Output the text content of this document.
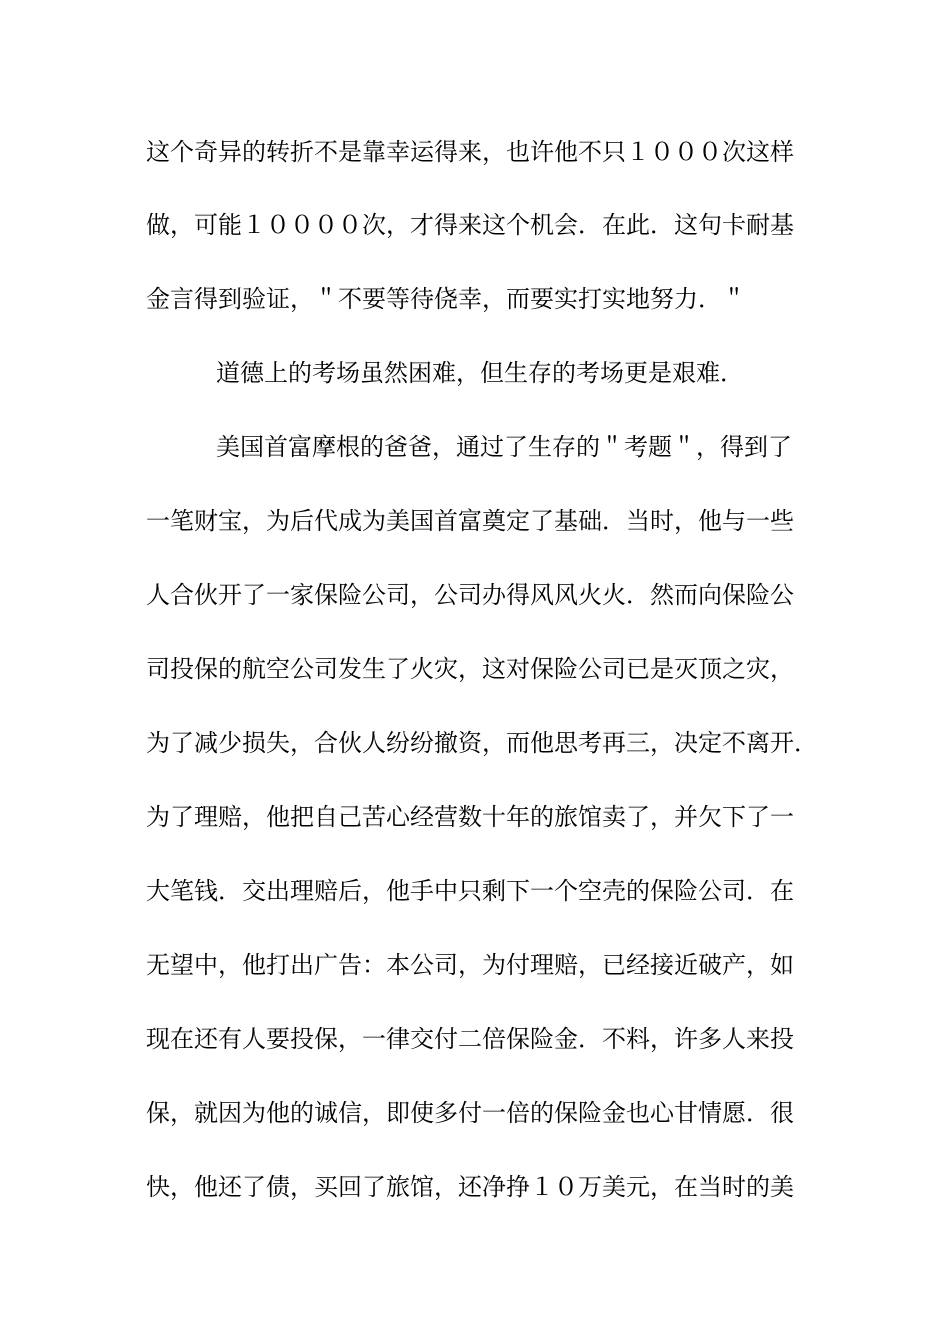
这个奇异的转折不是靠幸运得来，也许他不只１０００次这样

做，可能１００００次，才得来这个机会．在此．这句卡耐基

金言得到验证，＂不要等待侥幸，而要实打实地努力．＂

道德上的考场虽然困难，但生存的考场更是艰难．

美国首富摩根的爸爸，通过了生存的＂考题＂，得到了

一笔财宝，为后代成为美国首富奠定了基础．当时，他与一些

人合伙开了一家保险公司，公司办得风风火火．然而向保险公

司投保的航空公司发生了火灾，这对保险公司已是灭顶之灾，

为了减少损失，合伙人纷纷撤资，而他思考再三，决定不离开．

为了理赔，他把自己苦心经营数十年的旅馆卖了，并欠下了一

大笔钱．交出理赔后，他手中只剩下一个空壳的保险公司．在

无望中，他打出广告：本公司，为付理赔，已经接近破产，如

现在还有人要投保，一律交付二倍保险金．不料，许多人来投

保，就因为他的诚信，即使多付一倍的保险金也心甘情愿．很

快，他还了债，买回了旅馆，还净挣１０万美元，在当时的美
